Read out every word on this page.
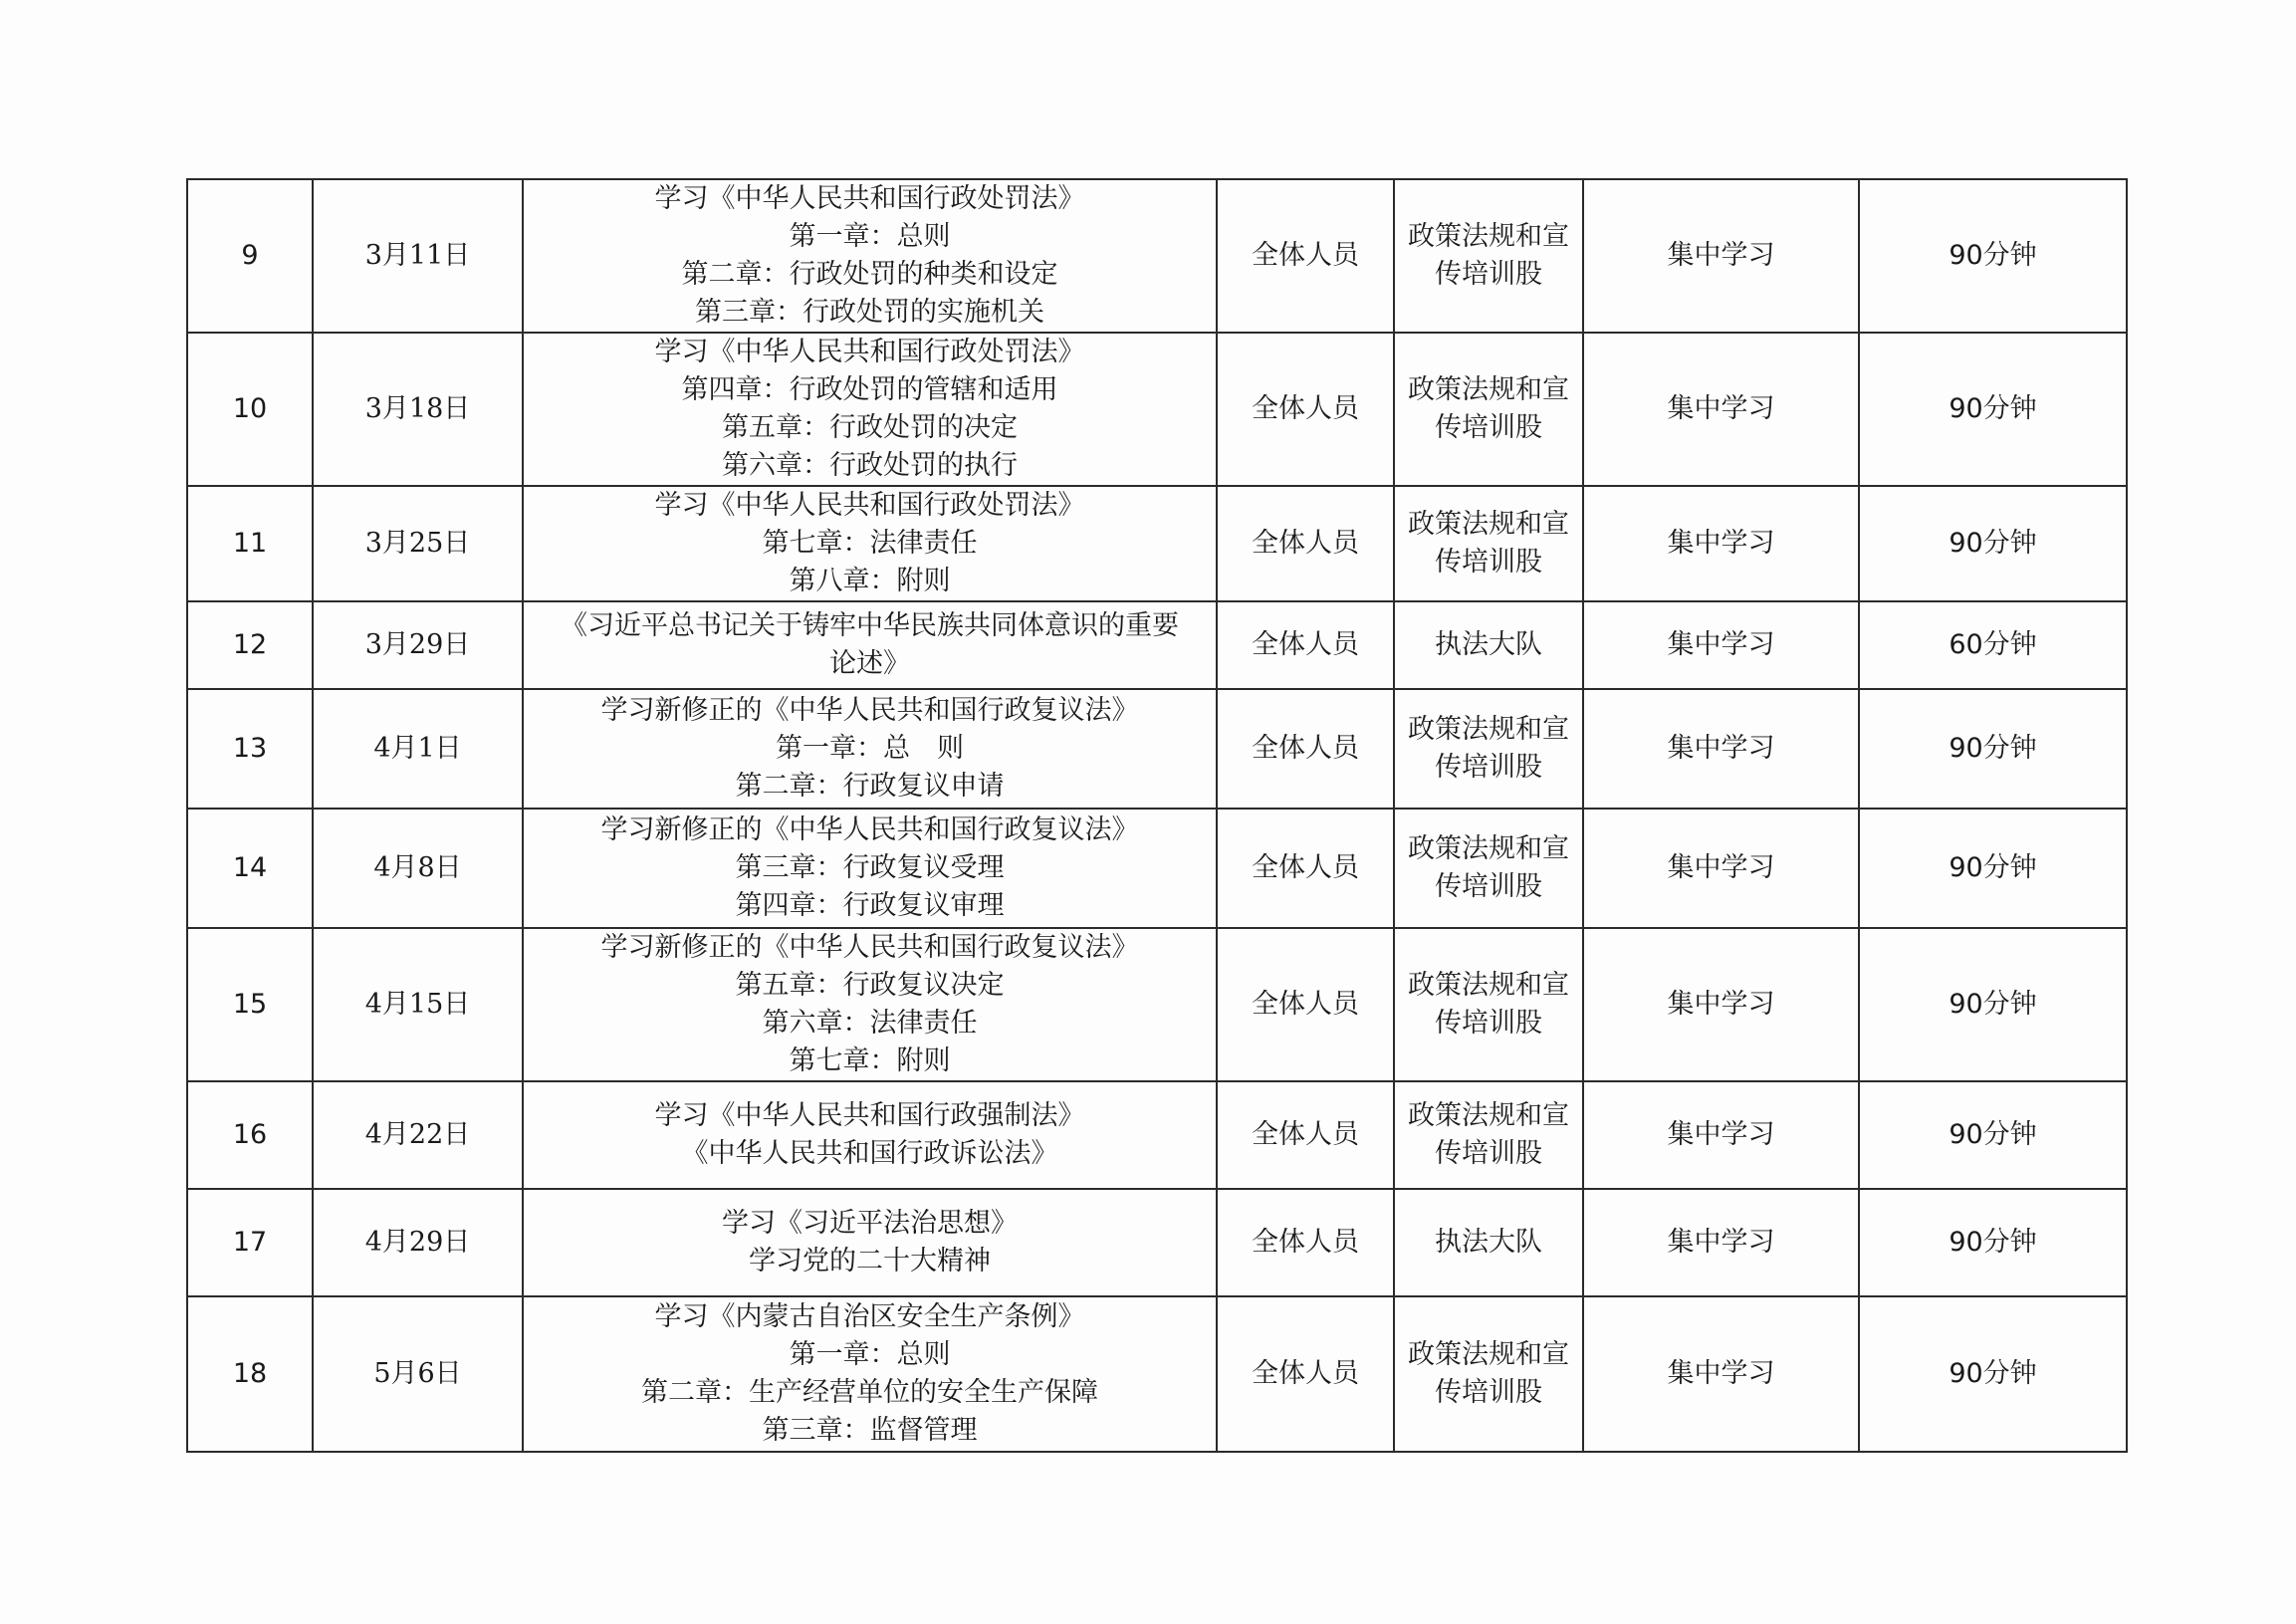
9	3月11日	学习《中华人民共和国行政处罚法》
第一章：总则
第二章：行政处罚的种类和设定
第三章：行政处罚的实施机关	全体人员	政策法规和宣传培训股	集中学习	90分钟
10	3月18日	学习《中华人民共和国行政处罚法》
第四章：行政处罚的管辖和适用
第五章：行政处罚的决定
第六章：行政处罚的执行	全体人员	政策法规和宣传培训股	集中学习	90分钟
11	3月25日	学习《中华人民共和国行政处罚法》
第七章：法律责任
第八章：附则	全体人员	政策法规和宣传培训股	集中学习	90分钟
12	3月29日	《习近平总书记关于铸牢中华民族共同体意识的重要
论述》	全体人员	执法大队	集中学习	60分钟
13	4月1日	学习新修正的《中华人民共和国行政复议法》
第一章：总　则
第二章：行政复议申请	全体人员	政策法规和宣传培训股	集中学习	90分钟
14	4月8日	学习新修正的《中华人民共和国行政复议法》
第三章：行政复议受理
第四章：行政复议审理	全体人员	政策法规和宣传培训股	集中学习	90分钟
15	4月15日	学习新修正的《中华人民共和国行政复议法》
第五章：行政复议决定
第六章：法律责任
第七章：附则	全体人员	政策法规和宣传培训股	集中学习	90分钟
16	4月22日	学习《中华人民共和国行政强制法》
《中华人民共和国行政诉讼法》	全体人员	政策法规和宣传培训股	集中学习	90分钟
17	4月29日	学习《习近平法治思想》
学习党的二十大精神	全体人员	执法大队	集中学习	90分钟
18	5月6日	学习《内蒙古自治区安全生产条例》
第一章：总则
第二章：生产经营单位的安全生产保障
第三章：监督管理	全体人员	政策法规和宣传培训股	集中学习	90分钟
